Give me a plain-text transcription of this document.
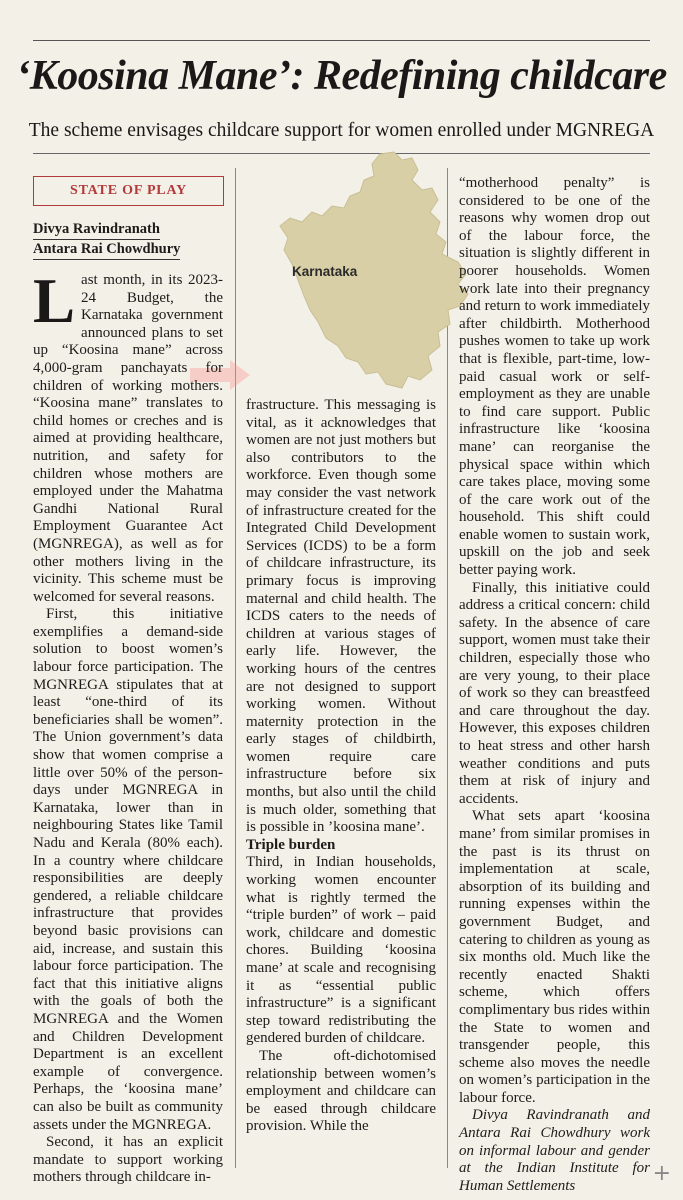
‘Koosina Mane’: Redefining childcare
The scheme envisages childcare support for women enrolled under MGNREGA
STATE OF PLAY
Divya Ravindranath
Antara Rai Chowdhury
Karnataka

Last month, in its 2023-24 Budget, the Karnataka government announced plans to set up “Koosina mane” across 4,000-gram panchayats for children of working mothers. “Koosina mane” translates to child homes or creches and is aimed at providing healthcare, nutrition, and safety for children whose mothers are employed under the Mahatma Gandhi National Rural Employment Guarantee Act (MGNREGA), as well as for other mothers living in the vicinity. This scheme must be welcomed for several reasons.

First, this initiative exemplifies a demand-side solution to boost women’s labour force participation. The MGNREGA stipulates that at least “one-third of its beneficiaries shall be women”. The Union government’s data show that women comprise a little over 50% of the person-days under MGNREGA in Karnataka, lower than in neighbouring States like Tamil Nadu and Kerala (80% each). In a country where childcare responsibilities are deeply gendered, a reliable childcare infrastructure that provides beyond basic provisions can aid, increase, and sustain this labour force participation. The fact that this initiative aligns with the goals of both the MGNREGA and the Women and Children Development Department is an excellent example of convergence. Perhaps, the ‘koosina mane’ can also be built as community assets under the MGNREGA.

Second, it has an explicit mandate to support working mothers through childcare in-

frastructure. This messaging is vital, as it acknowledges that women are not just mothers but also contributors to the workforce. Even though some may consider the vast network of infrastructure created for the Integrated Child Development Services (ICDS) to be a form of childcare infrastructure, its primary focus is improving maternal and child health. The ICDS caters to the needs of children at various stages of early life. However, the working hours of the centres are not designed to support working women. Without maternity protection in the early stages of childbirth, women require care infrastructure before six months, but also until the child is much older, something that is possible in ’koosina mane’.

Triple burden

Third, in Indian households, working women encounter what is rightly termed the “triple burden” of work – paid work, childcare and domestic chores. Building ‘koosina mane’ at scale and recognising it as “essential public infrastructure” is a significant step toward redistributing the gendered burden of childcare.

The oft-dichotomised relationship between women’s employment and childcare can be eased through childcare provision. While the

“motherhood penalty” is considered to be one of the reasons why women drop out of the labour force, the situation is slightly different in poorer households. Women work late into their pregnancy and return to work immediately after childbirth. Motherhood pushes women to take up work that is flexible, part-time, low-paid casual work or self-employment as they are unable to find care support. Public infrastructure like ‘koosina mane’ can reorganise the physical space within which care takes place, moving some of the care work out of the household. This shift could enable women to sustain work, upskill on the job and seek better paying work.

Finally, this initiative could address a critical concern: child safety. In the absence of care support, women must take their children, especially those who are very young, to their place of work so they can breastfeed and care throughout the day. However, this exposes children to heat stress and other harsh weather conditions and puts them at risk of injury and accidents.

What sets apart ‘koosina mane’ from similar promises in the past is its thrust on implementation at scale, absorption of its building and running expenses within the government Budget, and catering to children as young as six months old. Much like the recently enacted Shakti scheme, which offers complimentary bus rides within the State to women and transgender people, this scheme also moves the needle on women’s participation in the labour force.

Divya Ravindranath and Antara Rai Chowdhury work on informal labour and gender at the Indian Institute for Human Settlements	+
